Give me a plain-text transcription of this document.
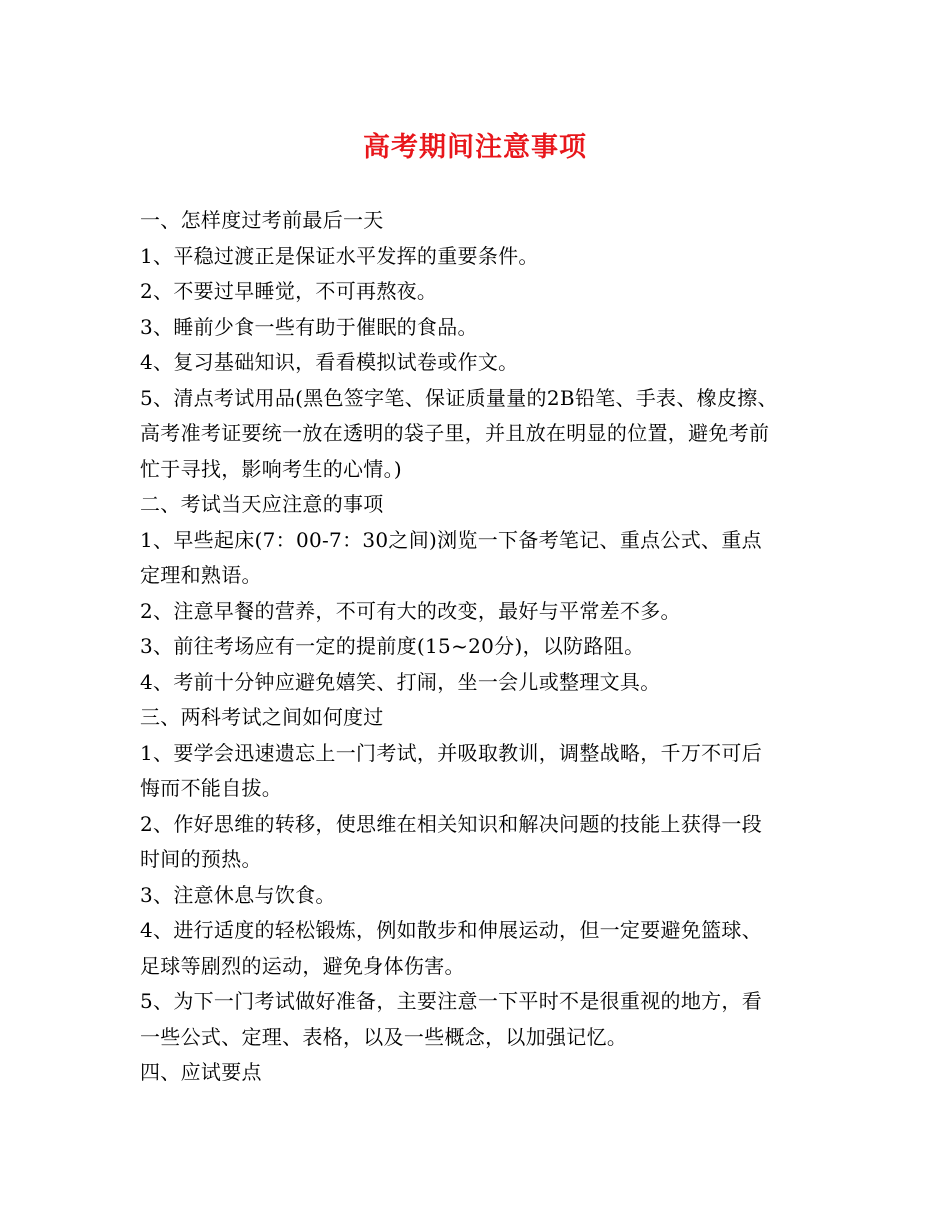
高考期间注意事项
一、怎样度过考前最后一天
1、平稳过渡正是保证水平发挥的重要条件。
2、不要过早睡觉，不可再熬夜。
3、睡前少食一些有助于催眠的食品。
4、复习基础知识，看看模拟试卷或作文。
5、清点考试用品(黑色签字笔、保证质量量的2B铅笔、手表、橡皮擦、
高考准考证要统一放在透明的袋子里，并且放在明显的位置，避免考前
忙于寻找，影响考生的心情。)
二、考试当天应注意的事项
1、早些起床(7：00-7：30之间)浏览一下备考笔记、重点公式、重点
定理和熟语。
2、注意早餐的营养，不可有大的改变，最好与平常差不多。
3、前往考场应有一定的提前度(15~20分)，以防路阻。
4、考前十分钟应避免嬉笑、打闹，坐一会儿或整理文具。
三、两科考试之间如何度过
1、要学会迅速遗忘上一门考试，并吸取教训，调整战略，千万不可后
悔而不能自拔。
2、作好思维的转移，使思维在相关知识和解决问题的技能上获得一段
时间的预热。
3、注意休息与饮食。
4、进行适度的轻松锻炼，例如散步和伸展运动，但一定要避免篮球、
足球等剧烈的运动，避免身体伤害。
5、为下一门考试做好准备，主要注意一下平时不是很重视的地方，看
一些公式、定理、表格，以及一些概念，以加强记忆。
四、应试要点
